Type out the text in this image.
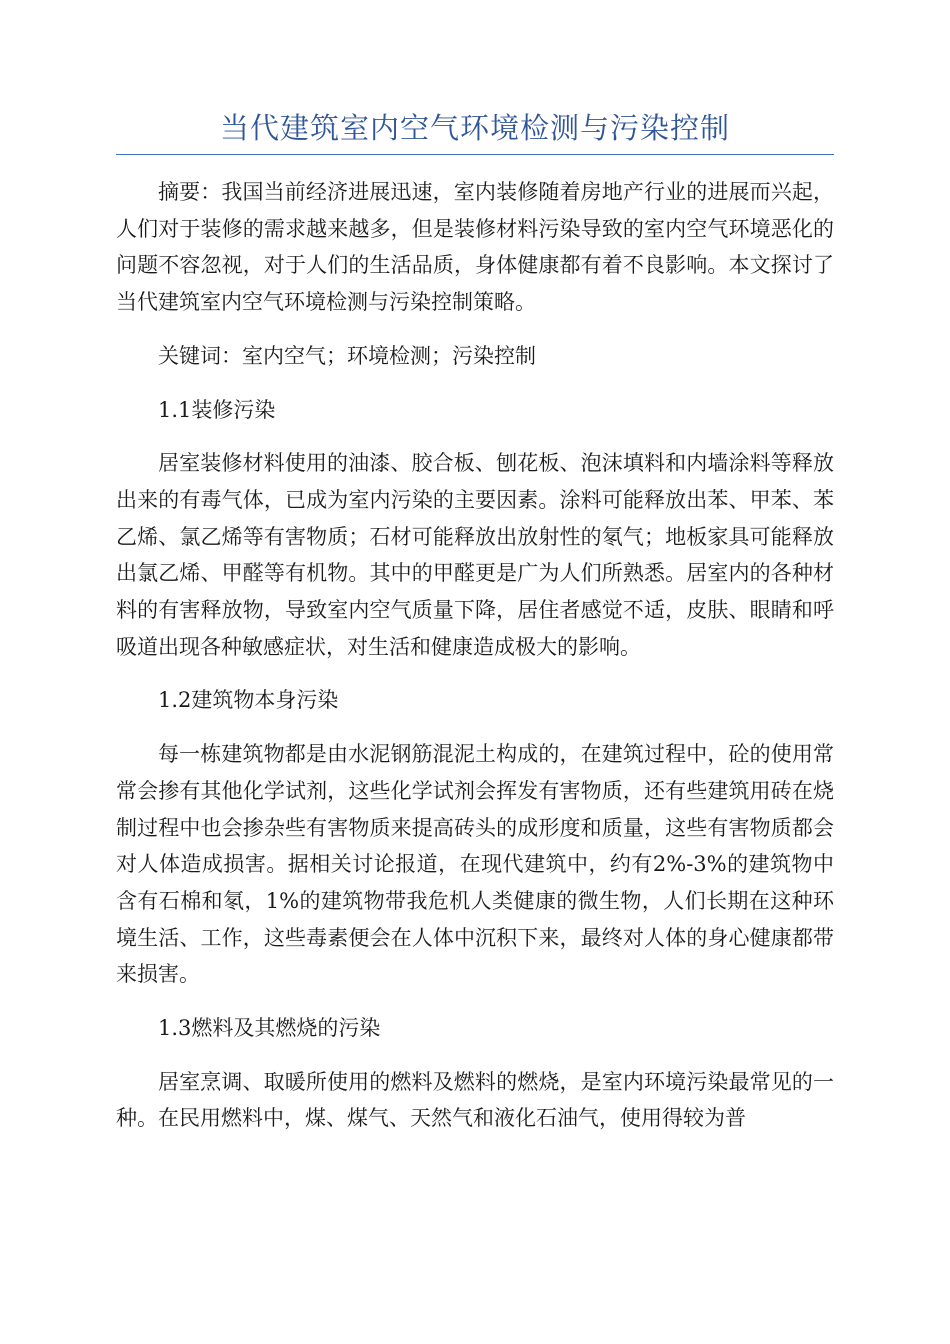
当代建筑室内空气环境检测与污染控制

摘要：我国当前经济进展迅速，室内装修随着房地产行业的进展而兴起，人们对于装修的需求越来越多，但是装修材料污染导致的室内空气环境恶化的问题不容忽视，对于人们的生活品质，身体健康都有着不良影响。本文探讨了当代建筑室内空气环境检测与污染控制策略。

关键词：室内空气；环境检测；污染控制

1.1装修污染

居室装修材料使用的油漆、胶合板、刨花板、泡沫填料和内墙涂料等释放出来的有毒气体，已成为室内污染的主要因素。涂料可能释放出苯、甲苯、苯乙烯、氯乙烯等有害物质；石材可能释放出放射性的氡气；地板家具可能释放出氯乙烯、甲醛等有机物。其中的甲醛更是广为人们所熟悉。居室内的各种材料的有害释放物，导致室内空气质量下降，居住者感觉不适，皮肤、眼睛和呼吸道出现各种敏感症状，对生活和健康造成极大的影响。

1.2建筑物本身污染

每一栋建筑物都是由水泥钢筋混泥土构成的，在建筑过程中，砼的使用常常会掺有其他化学试剂，这些化学试剂会挥发有害物质，还有些建筑用砖在烧制过程中也会掺杂些有害物质来提高砖头的成形度和质量，这些有害物质都会对人体造成损害。据相关讨论报道，在现代建筑中，约有2%-3%的建筑物中含有石棉和氡，1%的建筑物带我危机人类健康的微生物，人们长期在这种环境生活、工作，这些毒素便会在人体中沉积下来，最终对人体的身心健康都带来损害。

1.3燃料及其燃烧的污染

居室烹调、取暖所使用的燃料及燃料的燃烧，是室内环境污染最常见的一种。在民用燃料中，煤、煤气、天然气和液化石油气，使用得较为普
